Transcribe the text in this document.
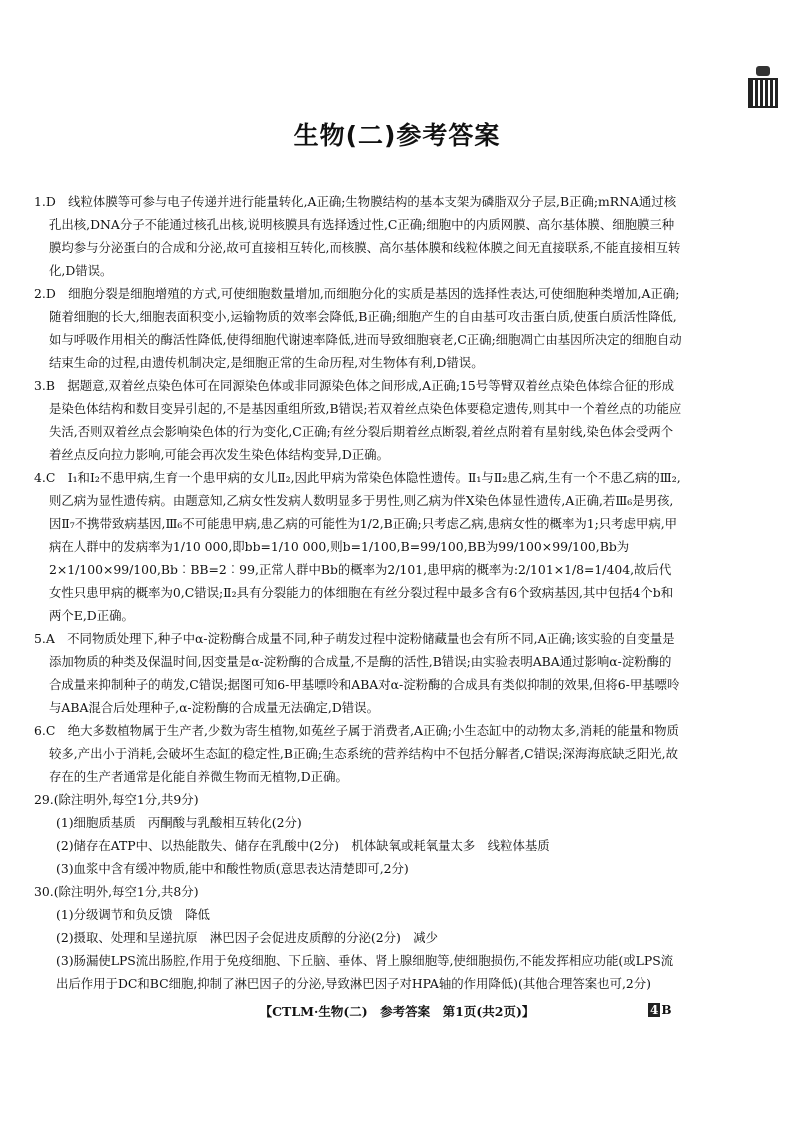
生物(二)参考答案

1.D　线粒体膜等可参与电子传递并进行能量转化,A正确;生物膜结构的基本支架为磷脂双分子层,B正确;mRNA通过核孔出核,DNA分子不能通过核孔出核,说明核膜具有选择透过性,C正确;细胞中的内质网膜、高尔基体膜、细胞膜三种膜均参与分泌蛋白的合成和分泌,故可直接相互转化,而核膜、高尔基体膜和线粒体膜之间无直接联系,不能直接相互转化,D错误。

2.D　细胞分裂是细胞增殖的方式,可使细胞数量增加,而细胞分化的实质是基因的选择性表达,可使细胞种类增加,A正确;随着细胞的长大,细胞表面积变小,运输物质的效率会降低,B正确;细胞产生的自由基可攻击蛋白质,使蛋白质活性降低,如与呼吸作用相关的酶活性降低,使得细胞代谢速率降低,进而导致细胞衰老,C正确;细胞凋亡由基因所决定的细胞自动结束生命的过程,由遗传机制决定,是细胞正常的生命历程,对生物体有利,D错误。

3.B　据题意,双着丝点染色体可在同源染色体或非同源染色体之间形成,A正确;15号等臂双着丝点染色体综合征的形成是染色体结构和数目变异引起的,不是基因重组所致,B错误;若双着丝点染色体要稳定遗传,则其中一个着丝点的功能应失活,否则双着丝点会影响染色体的行为变化,C正确;有丝分裂后期着丝点断裂,着丝点附着有星射线,染色体会受两个着丝点反向拉力影响,可能会再次发生染色体结构变异,D正确。

4.C　Ⅰ₁和Ⅰ₂不患甲病,生育一个患甲病的女儿Ⅱ₂,因此甲病为常染色体隐性遗传。Ⅱ₁与Ⅱ₂患乙病,生有一个不患乙病的Ⅲ₂,则乙病为显性遗传病。由题意知,乙病女性发病人数明显多于男性,则乙病为伴X染色体显性遗传,A正确,若Ⅲ₆是男孩,因Ⅱ₇不携带致病基因,Ⅲ₆不可能患甲病,患乙病的可能性为1/2,B正确;只考虑乙病,患病女性的概率为1;只考虑甲病,甲病在人群中的发病率为1/10 000,即bb=1/10 000,则b=1/100,B=99/100,BB为99/100×99/100,Bb为2×1/100×99/100,Bb︰BB=2︰99,正常人群中Bb的概率为2/101,患甲病的概率为:2/101×1/8=1/404,故后代女性只患甲病的概率为0,C错误;Ⅱ₂具有分裂能力的体细胞在有丝分裂过程中最多含有6个致病基因,其中包括4个b和两个E,D正确。

5.A　不同物质处理下,种子中α-淀粉酶合成量不同,种子萌发过程中淀粉储藏量也会有所不同,A正确;该实验的自变量是添加物质的种类及保温时间,因变量是α-淀粉酶的合成量,不是酶的活性,B错误;由实验表明ABA通过影响α-淀粉酶的合成量来抑制种子的萌发,C错误;据图可知6-甲基嘌呤和ABA对α-淀粉酶的合成具有类似抑制的效果,但将6-甲基嘌呤与ABA混合后处理种子,α-淀粉酶的合成量无法确定,D错误。

6.C　绝大多数植物属于生产者,少数为寄生植物,如菟丝子属于消费者,A正确;小生态缸中的动物太多,消耗的能量和物质较多,产出小于消耗,会破坏生态缸的稳定性,B正确;生态系统的营养结构中不包括分解者,C错误;深海海底缺乏阳光,故存在的生产者通常是化能自养微生物而无植物,D正确。

29.(除注明外,每空1分,共9分)

(1)细胞质基质　丙酮酸与乳酸相互转化(2分)

(2)储存在ATP中、以热能散失、储存在乳酸中(2分)　机体缺氧或耗氧量太多　线粒体基质

(3)血浆中含有缓冲物质,能中和酸性物质(意思表达清楚即可,2分)

30.(除注明外,每空1分,共8分)

(1)分级调节和负反馈　降低

(2)摄取、处理和呈递抗原　淋巴因子会促进皮质醇的分泌(2分)　减少

(3)肠漏使LPS流出肠腔,作用于免疫细胞、下丘脑、垂体、肾上腺细胞等,使细胞损伤,不能发挥相应功能(或LPS流出后作用于DC和BC细胞,抑制了淋巴因子的分泌,导致淋巴因子对HPA轴的作用降低)(其他合理答案也可,2分)

【CTLM·生物(二)　参考答案　第1页(共2页)】	4 B
